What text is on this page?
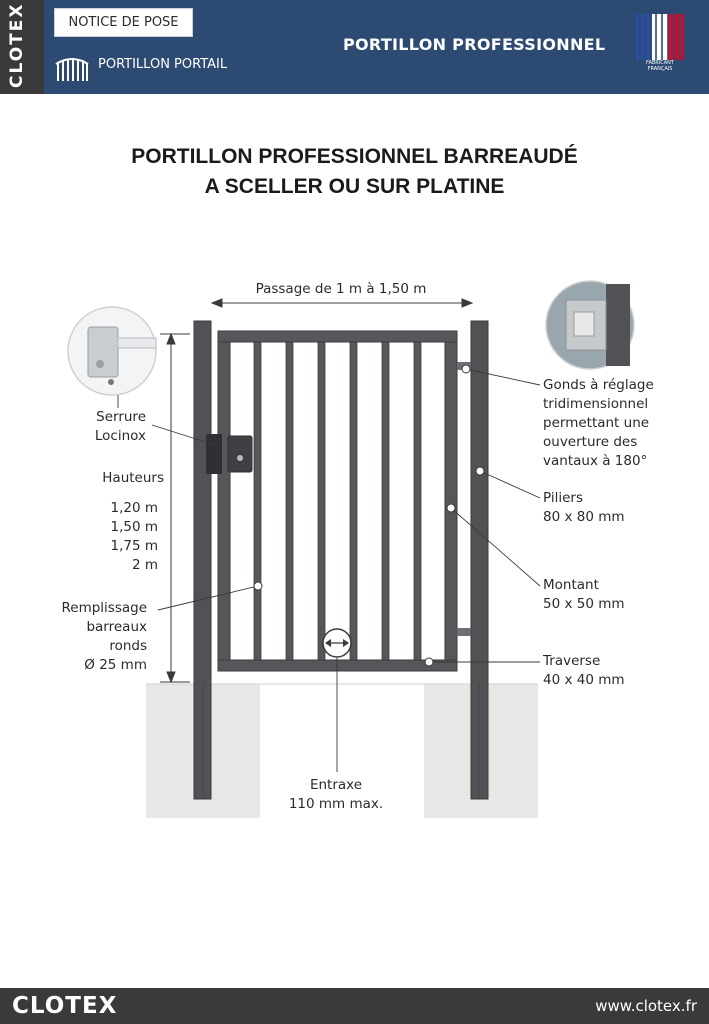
CLOTEX	NOTICE DE POSE
PORTILLON PORTAIL
PORTILLON PROFESSIONNEL
FABRICANT FRANÇAIS
PORTILLON PROFESSIONNEL BARREAUDÉ
A SCELLER OU SUR PLATINE
Passage de 1 m à 1,50 m
Serrure
Locinox
Hauteurs
1,20 m
1,50 m
1,75 m
2 m
Remplissage
barreaux
ronds
Ø 25 mm
Gonds à réglage
tridimensionnel
permettant une
ouverture des
vantaux à 180°
Piliers
80 x 80 mm
Montant
50 x 50 mm
Traverse
40 x 40 mm
Entraxe
110 mm max.
CLOTEX	www.clotex.fr
